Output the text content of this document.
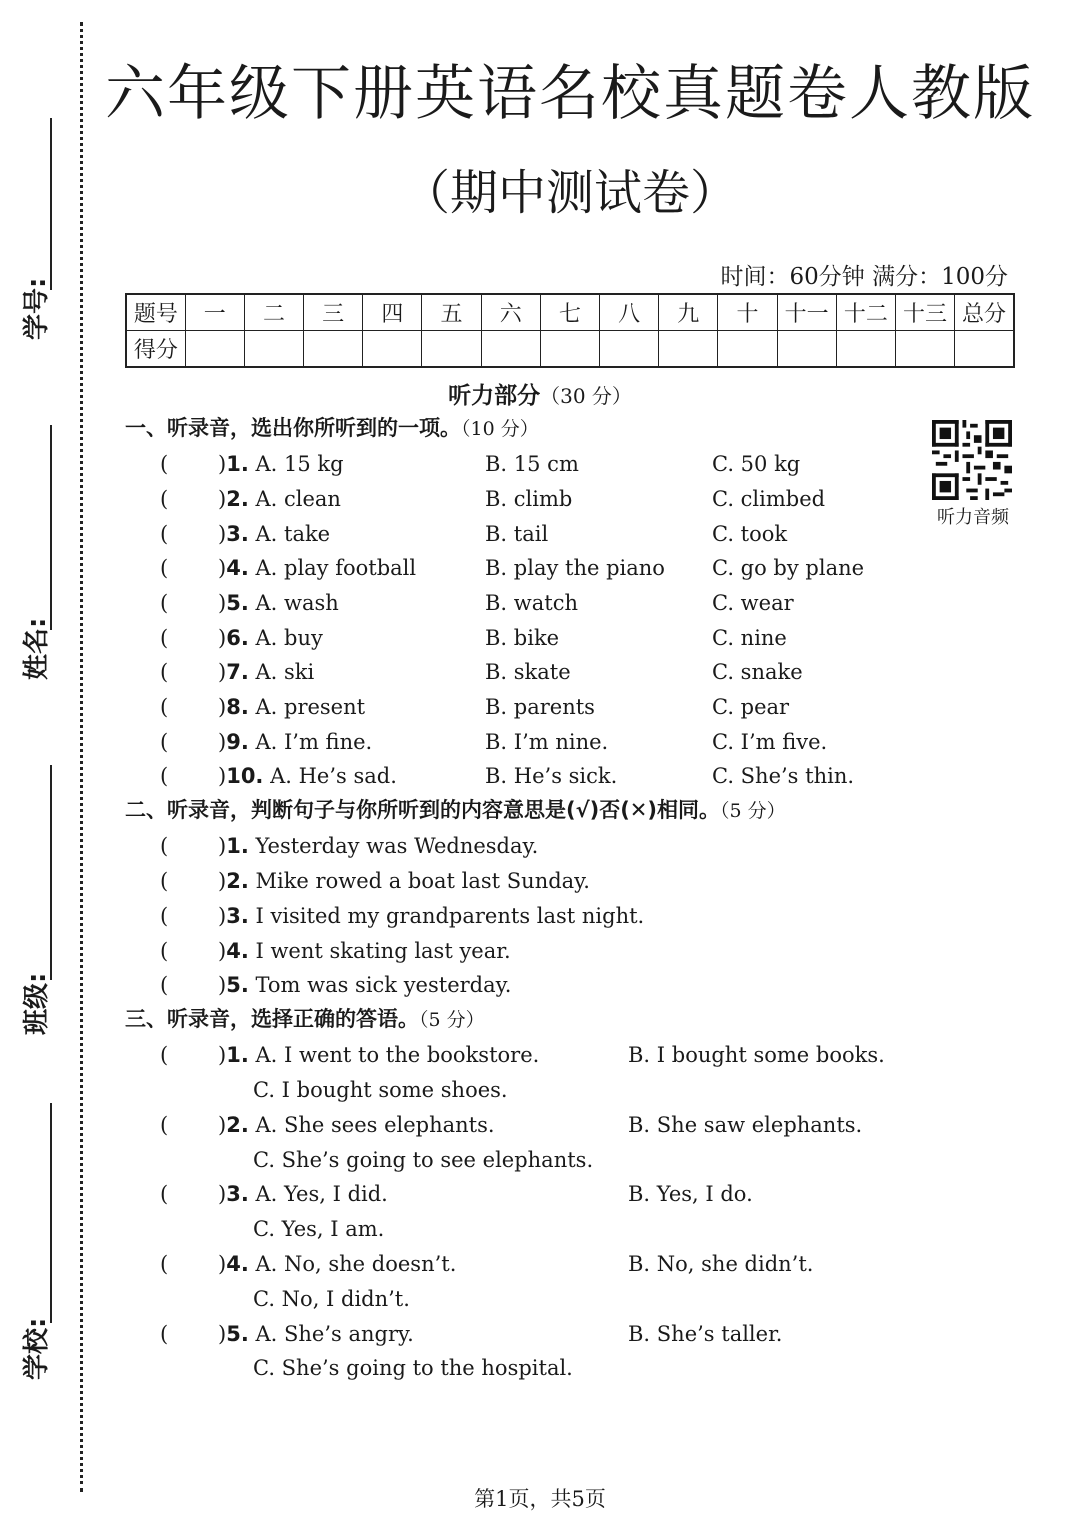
学号:
姓名:
班级:
学校:
六年级下册英语名校真题卷人教版
（期中测试卷）
时间：60分钟 满分：100分
题号	一	二	三	四	五	六	七	八	九	十	十一	十二	十三	总分
得分														
听力部分（30 分）
听力音频
一、听录音，选出你所听到的一项。（10 分）
( )1. A. 15 kg	B. 15 cm	C. 50 kg
( )2. A. clean	B. climb	C. climbed
( )3. A. take	B. tail	C. took
( )4. A. play football	B. play the piano C. go by plane
( )5. A. wash	B. watch	C. wear
( )6. A. buy	B. bike	C. nine
( )7. A. ski	B. skate	C. snake
( )8. A. present	B. parents	C. pear
( )9. A. I’m fine.	B. I’m nine.	C. I’m five.
( )10. A. He’s sad.	B. He’s sick.	C. She’s thin.
二、听录音，判断句子与你所听到的内容意思是(√)否(✕)相同。（5 分）
( )1. Yesterday was Wednesday.
( )2. Mike rowed a boat last Sunday.
( )3. I visited my grandparents last night.
( )4. I went skating last year.
( )5. Tom was sick yesterday.
三、听录音，选择正确的答语。（5 分）
( )1. A. I went to the bookstore.	B. I bought some books.
C. I bought some shoes.
( )2. A. She sees elephants.	B. She saw elephants.
C. She’s going to see elephants.
( )3. A. Yes, I did.	B. Yes, I do.
C. Yes, I am.
( )4. A. No, she doesn’t.	B. No, she didn’t.
C. No, I didn’t.
( )5. A. She’s angry.	B. She’s taller.
C. She’s going to the hospital.
第1页，共5页
